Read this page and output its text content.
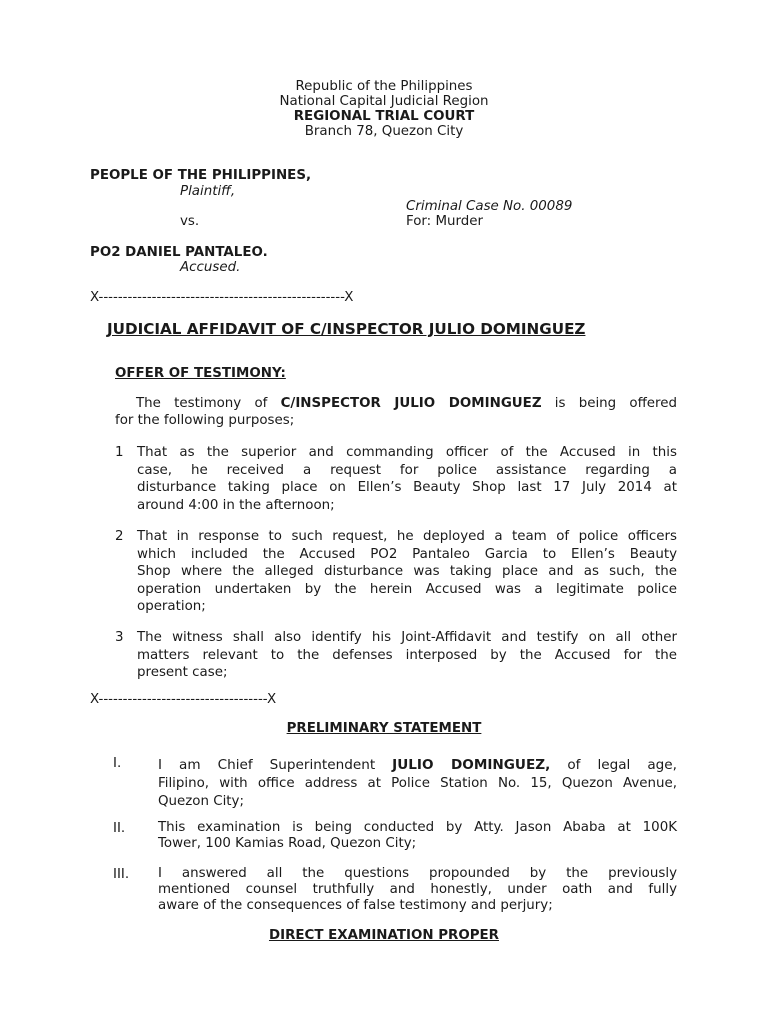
Republic of the Philippines
National Capital Judicial Region
REGIONAL TRIAL COURT
Branch 78, Quezon City
PEOPLE OF THE PHILIPPINES,
Plaintiff,
Criminal Case No. 00089
vs.	For: Murder
PO2 DANIEL PANTALEO.
Accused.
X---------------------------------------------------X
JUDICIAL AFFIDAVIT OF C/INSPECTOR JULIO DOMINGUEZ
OFFER OF TESTIMONY:
The testimony of C/INSPECTOR JULIO DOMINGUEZ is being offered
for the following purposes;
1 That as the superior and commanding officer of the Accused in this
case, he received a request for police assistance regarding a
disturbance taking place on Ellen’s Beauty Shop last 17 July 2014 at
around 4:00 in the afternoon;
2 That in response to such request, he deployed a team of police officers
which included the Accused PO2 Pantaleo Garcia to Ellen’s Beauty
Shop where the alleged disturbance was taking place and as such, the
operation undertaken by the herein Accused was a legitimate police
operation;
3 The witness shall also identify his Joint-Affidavit and testify on all other
matters relevant to the defenses interposed by the Accused for the
present case;
X-----------------------------------X
PRELIMINARY STATEMENT
I.	I am Chief Superintendent JULIO DOMINGUEZ, of legal age,
Filipino, with office address at Police Station No. 15, Quezon Avenue,
Quezon City;
II. This examination is being conducted by Atty. Jason Ababa at 100K
Tower, 100 Kamias Road, Quezon City;
III. I answered all the questions propounded by the previously
mentioned counsel truthfully and honestly, under oath and fully
aware of the consequences of false testimony and perjury;
DIRECT EXAMINATION PROPER
